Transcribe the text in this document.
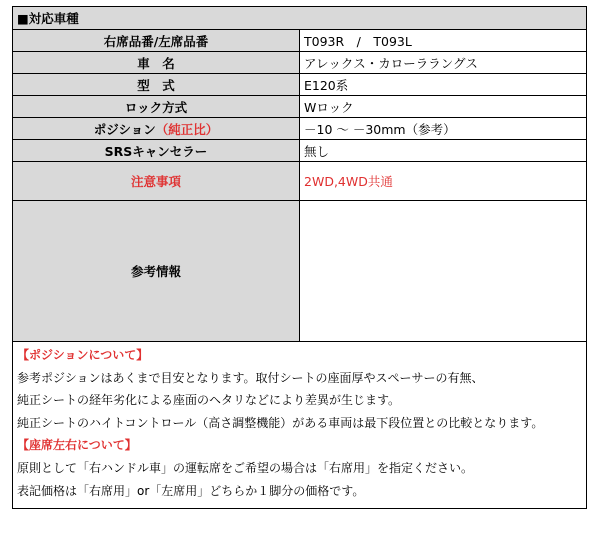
■対応車種	
右席品番/左席品番	T093R　/　T093L
車　名	アレックス・カローララングス
型　式	E120系
ロック方式	Wロック
ポジション（純正比）	－10 ～ －30mm（参考）
SRSキャンセラー	無し
注意事項	2WD,4WD共通
参考情報	
【ポジションについて】
参考ポジションはあくまで目安となります。取付シートの座面厚やスペーサーの有無、
純正シートの経年劣化による座面のヘタリなどにより差異が生じます。
純正シートのハイトコントロール（高さ調整機能）がある車両は最下段位置との比較となります。
【座席左右について】
原則として「右ハンドル車」の運転席をご希望の場合は「右席用」を指定ください。
表記価格は「右席用」or「左席用」どちらか１脚分の価格です。
